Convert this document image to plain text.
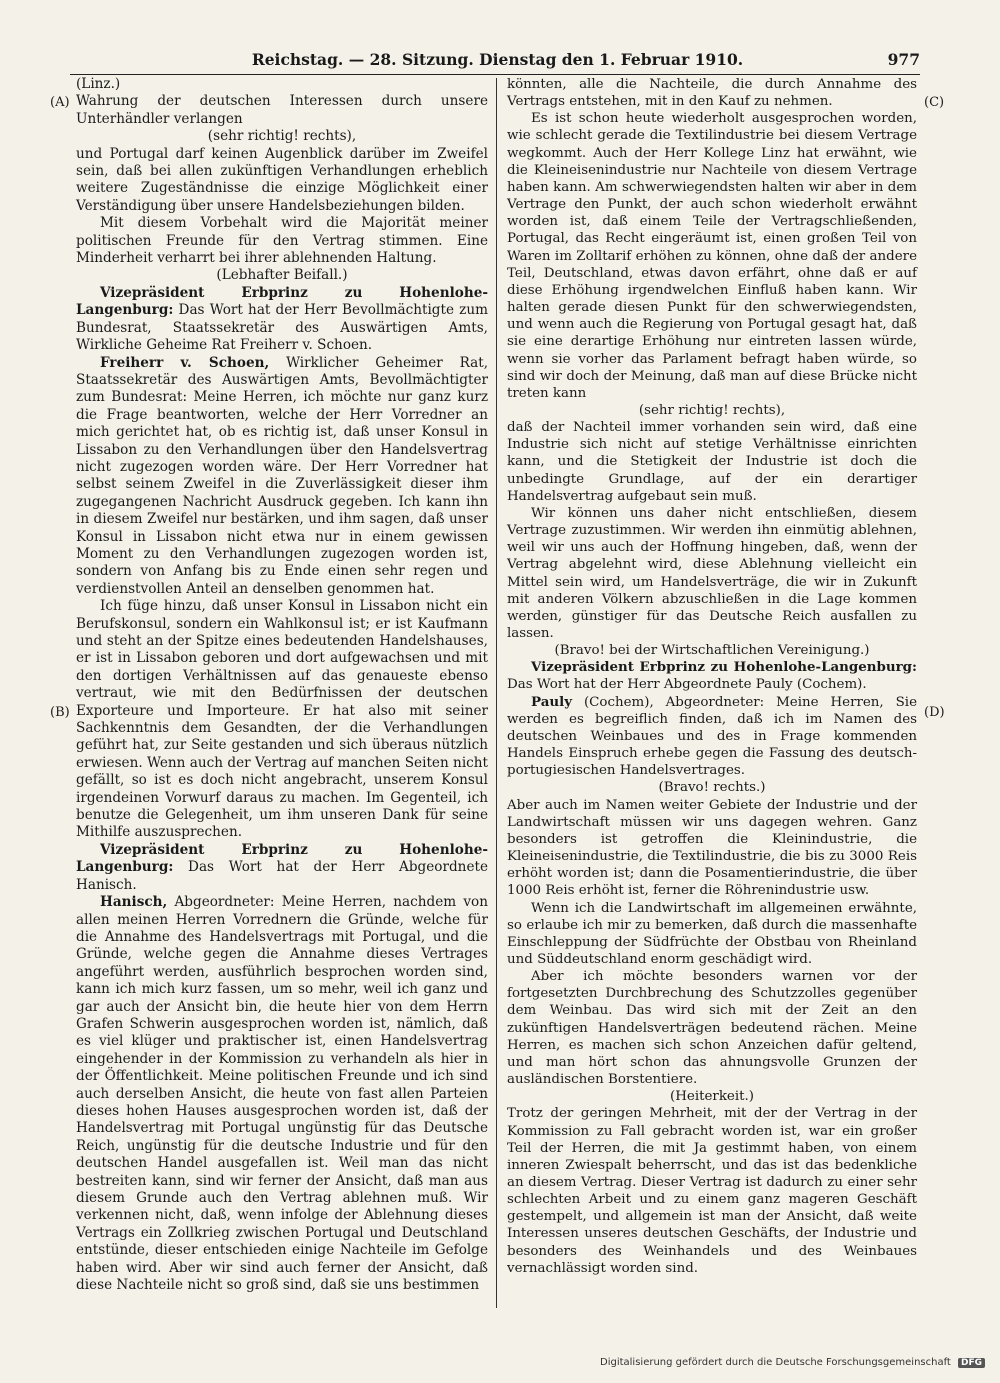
Reichstag. — 28. Sitzung. Dienstag den 1. Februar 1910.	977
(A)
(B)
(C)
(D)

(Linz.)

Wahrung der deutschen Interessen durch unsere Unterhändler verlangen

(sehr richtig! rechts),

und Portugal darf keinen Augenblick darüber im Zweifel sein, daß bei allen zukünftigen Verhandlungen erheblich weitere Zugeständnisse die einzige Möglichkeit einer Verständigung über unsere Handelsbeziehungen bilden.

Mit diesem Vorbehalt wird die Majorität meiner politischen Freunde für den Vertrag stimmen. Eine Minderheit verharrt bei ihrer ablehnenden Haltung.

(Lebhafter Beifall.)

Vizepräsident Erbprinz zu Hohenlohe-Langenburg: Das Wort hat der Herr Bevollmächtigte zum Bundesrat, Staatssekretär des Auswärtigen Amts, Wirkliche Geheime Rat Freiherr v. Schoen.

Freiherr v. Schoen, Wirklicher Geheimer Rat, Staatssekretär des Auswärtigen Amts, Bevollmächtigter zum Bundesrat: Meine Herren, ich möchte nur ganz kurz die Frage beantworten, welche der Herr Vorredner an mich gerichtet hat, ob es richtig ist, daß unser Konsul in Lissabon zu den Verhandlungen über den Handelsvertrag nicht zugezogen worden wäre. Der Herr Vorredner hat selbst seinem Zweifel in die Zuverlässigkeit dieser ihm zugegangenen Nachricht Ausdruck gegeben. Ich kann ihn in diesem Zweifel nur bestärken, und ihm sagen, daß unser Konsul in Lissabon nicht etwa nur in einem gewissen Moment zu den Verhandlungen zugezogen worden ist, sondern von Anfang bis zu Ende einen sehr regen und verdienstvollen Anteil an denselben genommen hat.

Ich füge hinzu, daß unser Konsul in Lissabon nicht ein Berufskonsul, sondern ein Wahlkonsul ist; er ist Kaufmann und steht an der Spitze eines bedeutenden Handelshauses, er ist in Lissabon geboren und dort aufgewachsen und mit den dortigen Verhältnissen auf das genaueste ebenso vertraut, wie mit den Bedürfnissen der deutschen Exporteure und Importeure. Er hat also mit seiner Sachkenntnis dem Gesandten, der die Verhandlungen geführt hat, zur Seite gestanden und sich überaus nützlich erwiesen. Wenn auch der Vertrag auf manchen Seiten nicht gefällt, so ist es doch nicht angebracht, unserem Konsul irgendeinen Vorwurf daraus zu machen. Im Gegenteil, ich benutze die Gelegenheit, um ihm unseren Dank für seine Mithilfe auszusprechen.

Vizepräsident Erbprinz zu Hohenlohe-Langenburg: Das Wort hat der Herr Abgeordnete Hanisch.

Hanisch, Abgeordneter: Meine Herren, nachdem von allen meinen Herren Vorrednern die Gründe, welche für die Annahme des Handelsvertrags mit Portugal, und die Gründe, welche gegen die Annahme dieses Vertrages angeführt werden, ausführlich besprochen worden sind, kann ich mich kurz fassen, um so mehr, weil ich ganz und gar auch der Ansicht bin, die heute hier von dem Herrn Grafen Schwerin ausgesprochen worden ist, nämlich, daß es viel klüger und praktischer ist, einen Handelsvertrag eingehender in der Kommission zu verhandeln als hier in der Öffentlichkeit. Meine politischen Freunde und ich sind auch derselben Ansicht, die heute von fast allen Parteien dieses hohen Hauses ausgesprochen worden ist, daß der Handelsvertrag mit Portugal ungünstig für das Deutsche Reich, ungünstig für die deutsche Industrie und für den deutschen Handel ausgefallen ist. Weil man das nicht bestreiten kann, sind wir ferner der Ansicht, daß man aus diesem Grunde auch den Vertrag ablehnen muß. Wir verkennen nicht, daß, wenn infolge der Ablehnung dieses Vertrags ein Zollkrieg zwischen Portugal und Deutschland entstünde, dieser entschieden einige Nachteile im Gefolge haben wird. Aber wir sind auch ferner der Ansicht, daß diese Nachteile nicht so groß sind, daß sie uns bestimmen

könnten, alle die Nachteile, die durch Annahme des Vertrags entstehen, mit in den Kauf zu nehmen.

Es ist schon heute wiederholt ausgesprochen worden, wie schlecht gerade die Textilindustrie bei diesem Vertrage wegkommt. Auch der Herr Kollege Linz hat erwähnt, wie die Kleineisenindustrie nur Nachteile von diesem Vertrage haben kann. Am schwerwiegendsten halten wir aber in dem Vertrage den Punkt, der auch schon wiederholt erwähnt worden ist, daß einem Teile der Vertragschließenden, Portugal, das Recht eingeräumt ist, einen großen Teil von Waren im Zolltarif erhöhen zu können, ohne daß der andere Teil, Deutschland, etwas davon erfährt, ohne daß er auf diese Erhöhung irgendwelchen Einfluß haben kann. Wir halten gerade diesen Punkt für den schwerwiegendsten, und wenn auch die Regierung von Portugal gesagt hat, daß sie eine derartige Erhöhung nur eintreten lassen würde, wenn sie vorher das Parlament befragt haben würde, so sind wir doch der Meinung, daß man auf diese Brücke nicht treten kann

(sehr richtig! rechts),

daß der Nachteil immer vorhanden sein wird, daß eine Industrie sich nicht auf stetige Verhältnisse einrichten kann, und die Stetigkeit der Industrie ist doch die unbedingte Grundlage, auf der ein derartiger Handelsvertrag aufgebaut sein muß.

Wir können uns daher nicht entschließen, diesem Vertrage zuzustimmen. Wir werden ihn einmütig ablehnen, weil wir uns auch der Hoffnung hingeben, daß, wenn der Vertrag abgelehnt wird, diese Ablehnung vielleicht ein Mittel sein wird, um Handelsverträge, die wir in Zukunft mit anderen Völkern abzuschließen in die Lage kommen werden, günstiger für das Deutsche Reich ausfallen zu lassen.

(Bravo! bei der Wirtschaftlichen Vereinigung.)

Vizepräsident Erbprinz zu Hohenlohe-Langenburg: Das Wort hat der Herr Abgeordnete Pauly (Cochem).

Pauly (Cochem), Abgeordneter: Meine Herren, Sie werden es begreiflich finden, daß ich im Namen des deutschen Weinbaues und des in Frage kommenden Handels Einspruch erhebe gegen die Fassung des deutsch-portugiesischen Handelsvertrages.

(Bravo! rechts.)

Aber auch im Namen weiter Gebiete der Industrie und der Landwirtschaft müssen wir uns dagegen wehren. Ganz besonders ist getroffen die Kleinindustrie, die Kleineisenindustrie, die Textilindustrie, die bis zu 3000 Reis erhöht worden ist; dann die Posamentierindustrie, die über 1000 Reis erhöht ist, ferner die Röhrenindustrie usw.

Wenn ich die Landwirtschaft im allgemeinen erwähnte, so erlaube ich mir zu bemerken, daß durch die massenhafte Einschleppung der Südfrüchte der Obstbau von Rheinland und Süddeutschland enorm geschädigt wird.

Aber ich möchte besonders warnen vor der fortgesetzten Durchbrechung des Schutzzolles gegenüber dem Weinbau. Das wird sich mit der Zeit an den zukünftigen Handelsverträgen bedeutend rächen. Meine Herren, es machen sich schon Anzeichen dafür geltend, und man hört schon das ahnungsvolle Grunzen der ausländischen Borstentiere.

(Heiterkeit.)

Trotz der geringen Mehrheit, mit der der Vertrag in der Kommission zu Fall gebracht worden ist, war ein großer Teil der Herren, die mit Ja gestimmt haben, von einem inneren Zwiespalt beherrscht, und das ist das bedenkliche an diesem Vertrag. Dieser Vertrag ist dadurch zu einer sehr schlechten Arbeit und zu einem ganz mageren Geschäft gestempelt, und allgemein ist man der Ansicht, daß weite Interessen unseres deutschen Geschäfts, der Industrie und besonders des Weinhandels und des Weinbaues vernachlässigt worden sind.

Digitalisierung gefördert durch die Deutsche Forschungsgemeinschaft DFG
